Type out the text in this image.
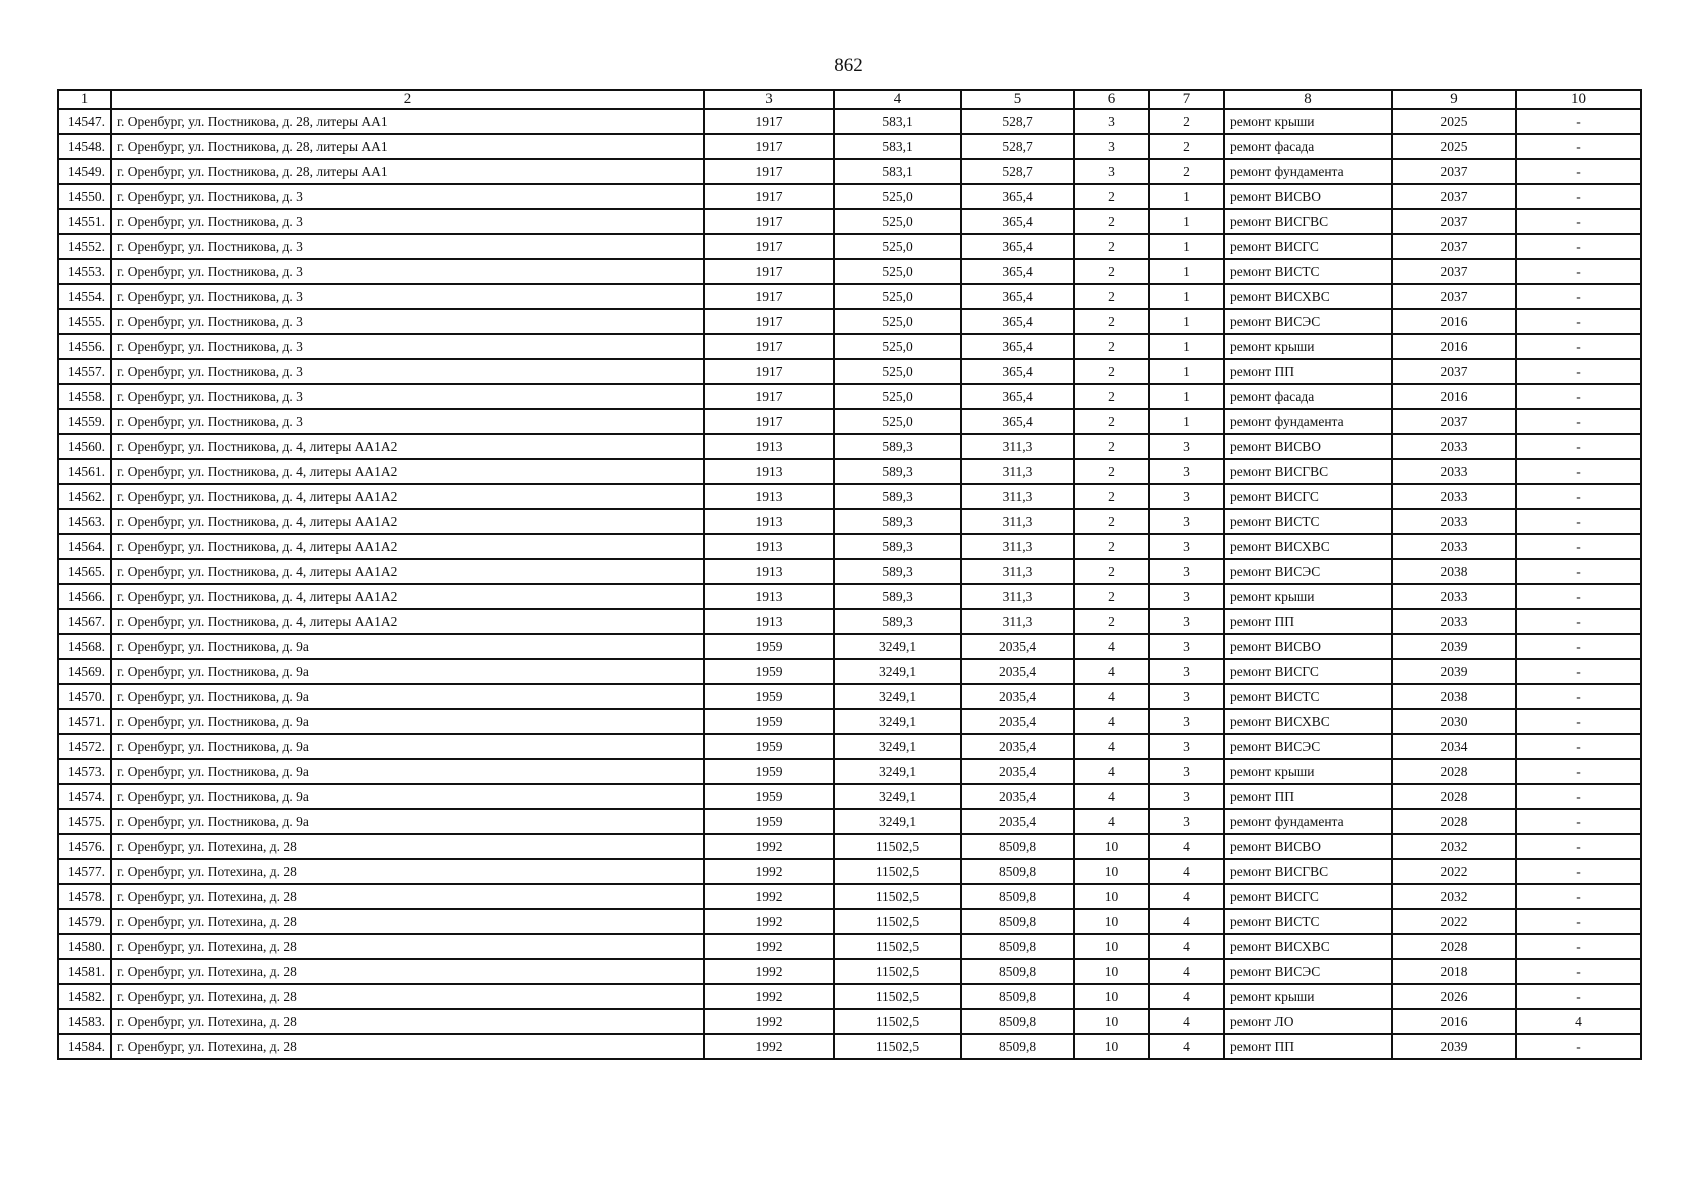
862
1	2	3	4	5	6	7	8	9	10
14547.	г. Оренбург, ул. Постникова, д. 28, литеры АА1	1917	583,1	528,7	3	2	ремонт крыши	2025	-
14548.	г. Оренбург, ул. Постникова, д. 28, литеры АА1	1917	583,1	528,7	3	2	ремонт фасада	2025	-
14549.	г. Оренбург, ул. Постникова, д. 28, литеры АА1	1917	583,1	528,7	3	2	ремонт фундамента	2037	-
14550.	г. Оренбург, ул. Постникова, д. 3	1917	525,0	365,4	2	1	ремонт ВИСВО	2037	-
14551.	г. Оренбург, ул. Постникова, д. 3	1917	525,0	365,4	2	1	ремонт ВИСГВС	2037	-
14552.	г. Оренбург, ул. Постникова, д. 3	1917	525,0	365,4	2	1	ремонт ВИСГС	2037	-
14553.	г. Оренбург, ул. Постникова, д. 3	1917	525,0	365,4	2	1	ремонт ВИСТС	2037	-
14554.	г. Оренбург, ул. Постникова, д. 3	1917	525,0	365,4	2	1	ремонт ВИСХВС	2037	-
14555.	г. Оренбург, ул. Постникова, д. 3	1917	525,0	365,4	2	1	ремонт ВИСЭС	2016	-
14556.	г. Оренбург, ул. Постникова, д. 3	1917	525,0	365,4	2	1	ремонт крыши	2016	-
14557.	г. Оренбург, ул. Постникова, д. 3	1917	525,0	365,4	2	1	ремонт ПП	2037	-
14558.	г. Оренбург, ул. Постникова, д. 3	1917	525,0	365,4	2	1	ремонт фасада	2016	-
14559.	г. Оренбург, ул. Постникова, д. 3	1917	525,0	365,4	2	1	ремонт фундамента	2037	-
14560.	г. Оренбург, ул. Постникова, д. 4, литеры АА1А2	1913	589,3	311,3	2	3	ремонт ВИСВО	2033	-
14561.	г. Оренбург, ул. Постникова, д. 4, литеры АА1А2	1913	589,3	311,3	2	3	ремонт ВИСГВС	2033	-
14562.	г. Оренбург, ул. Постникова, д. 4, литеры АА1А2	1913	589,3	311,3	2	3	ремонт ВИСГС	2033	-
14563.	г. Оренбург, ул. Постникова, д. 4, литеры АА1А2	1913	589,3	311,3	2	3	ремонт ВИСТС	2033	-
14564.	г. Оренбург, ул. Постникова, д. 4, литеры АА1А2	1913	589,3	311,3	2	3	ремонт ВИСХВС	2033	-
14565.	г. Оренбург, ул. Постникова, д. 4, литеры АА1А2	1913	589,3	311,3	2	3	ремонт ВИСЭС	2038	-
14566.	г. Оренбург, ул. Постникова, д. 4, литеры АА1А2	1913	589,3	311,3	2	3	ремонт крыши	2033	-
14567.	г. Оренбург, ул. Постникова, д. 4, литеры АА1А2	1913	589,3	311,3	2	3	ремонт ПП	2033	-
14568.	г. Оренбург, ул. Постникова, д. 9а	1959	3249,1	2035,4	4	3	ремонт ВИСВО	2039	-
14569.	г. Оренбург, ул. Постникова, д. 9а	1959	3249,1	2035,4	4	3	ремонт ВИСГС	2039	-
14570.	г. Оренбург, ул. Постникова, д. 9а	1959	3249,1	2035,4	4	3	ремонт ВИСТС	2038	-
14571.	г. Оренбург, ул. Постникова, д. 9а	1959	3249,1	2035,4	4	3	ремонт ВИСХВС	2030	-
14572.	г. Оренбург, ул. Постникова, д. 9а	1959	3249,1	2035,4	4	3	ремонт ВИСЭС	2034	-
14573.	г. Оренбург, ул. Постникова, д. 9а	1959	3249,1	2035,4	4	3	ремонт крыши	2028	-
14574.	г. Оренбург, ул. Постникова, д. 9а	1959	3249,1	2035,4	4	3	ремонт ПП	2028	-
14575.	г. Оренбург, ул. Постникова, д. 9а	1959	3249,1	2035,4	4	3	ремонт фундамента	2028	-
14576.	г. Оренбург, ул. Потехина, д. 28	1992	11502,5	8509,8	10	4	ремонт ВИСВО	2032	-
14577.	г. Оренбург, ул. Потехина, д. 28	1992	11502,5	8509,8	10	4	ремонт ВИСГВС	2022	-
14578.	г. Оренбург, ул. Потехина, д. 28	1992	11502,5	8509,8	10	4	ремонт ВИСГС	2032	-
14579.	г. Оренбург, ул. Потехина, д. 28	1992	11502,5	8509,8	10	4	ремонт ВИСТС	2022	-
14580.	г. Оренбург, ул. Потехина, д. 28	1992	11502,5	8509,8	10	4	ремонт ВИСХВС	2028	-
14581.	г. Оренбург, ул. Потехина, д. 28	1992	11502,5	8509,8	10	4	ремонт ВИСЭС	2018	-
14582.	г. Оренбург, ул. Потехина, д. 28	1992	11502,5	8509,8	10	4	ремонт крыши	2026	-
14583.	г. Оренбург, ул. Потехина, д. 28	1992	11502,5	8509,8	10	4	ремонт ЛО	2016	4
14584.	г. Оренбург, ул. Потехина, д. 28	1992	11502,5	8509,8	10	4	ремонт ПП	2039	-
